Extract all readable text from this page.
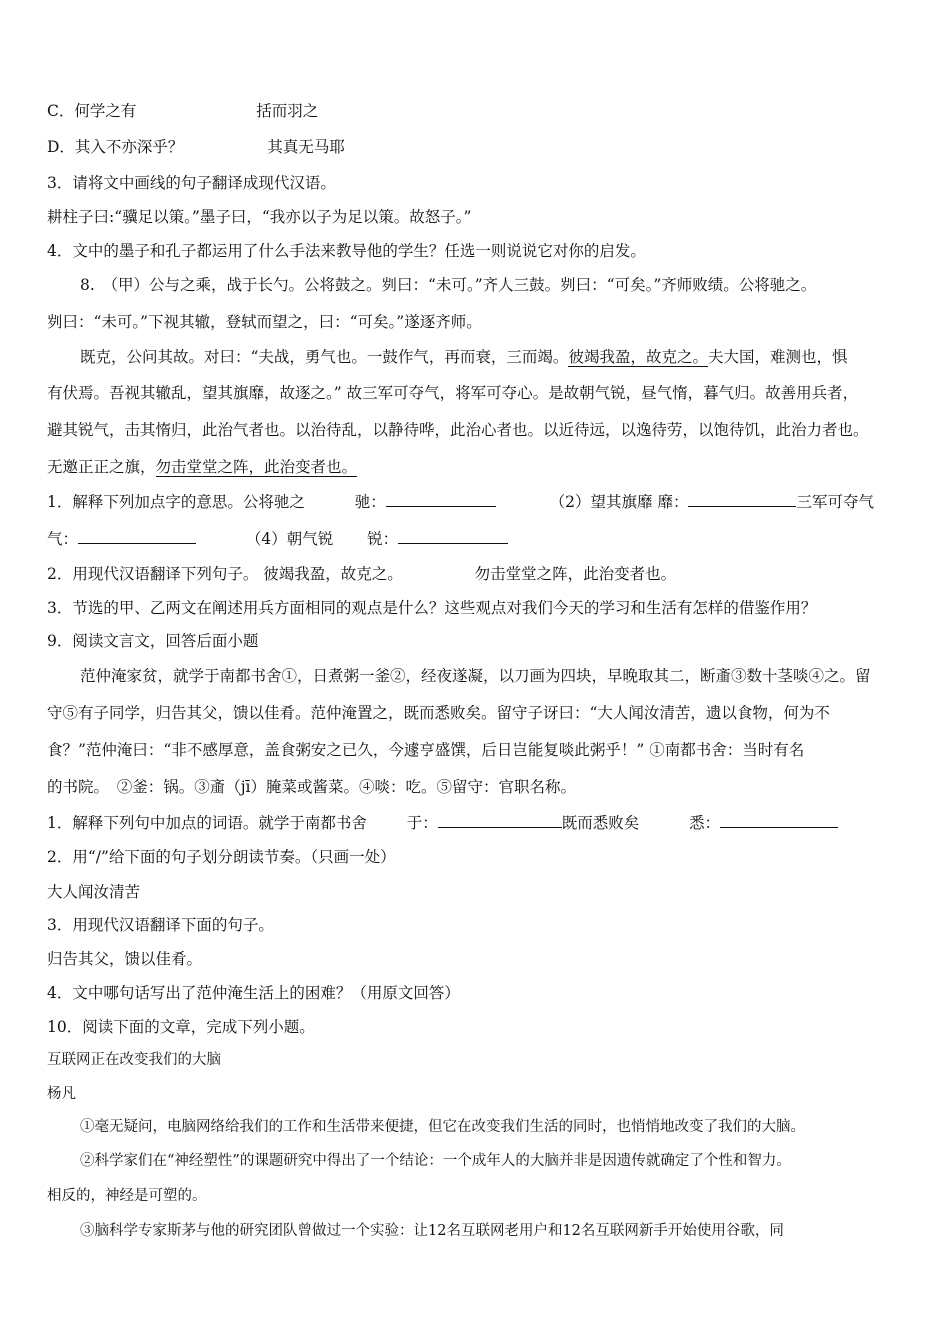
C．何学之有	括而羽之
D．其入不亦深乎？	其真无马耶
3．请将文中画线的句子翻译成现代汉语。
耕柱子曰:“骥足以策。”墨子曰，“我亦以子为足以策。故怒子。”
4．文中的墨子和孔子都运用了什么手法来教导他的学生？任选一则说说它对你的启发。
8.　（甲）公与之乘，战于长勺。公将鼓之。刿曰：“未可。”齐人三鼓。刿曰：“可矣。”齐师败绩。公将驰之。
刿曰：“未可。”下视其辙，登轼而望之，曰：“可矣。”遂逐齐师。
既克，公问其故。对曰：“夫战，勇气也。一鼓作气，再而衰，三而竭。彼竭我盈，故克之。夫大国，难测也，惧
有伏焉。吾视其辙乱，望其旗靡，故逐之。” 故三军可夺气，将军可夺心。是故朝气锐，昼气惰，暮气归。故善用兵者，
避其锐气，击其惰归，此治气者也。以治待乱，以静待哗，此治心者也。以近待远，以逸待劳，以饱待饥，此治力者也。
无邀正正之旗，勿击堂堂之阵，此治变者也。
1．解释下列加点字的意思。公将驰之	驰：	（2）望其旗靡 靡：	三军可夺气
气：	（4）朝气锐 锐：
2．用现代汉语翻译下列句子。 彼竭我盈，故克之。	勿击堂堂之阵，此治变者也。
3．节选的甲、乙两文在阐述用兵方面相同的观点是什么？这些观点对我们今天的学习和生活有怎样的借鉴作用？
9．阅读文言文，回答后面小题
范仲淹家贫，就学于南都书舍①，日煮粥一釜②，经夜遂凝，以刀画为四块，早晚取其二，断齑③数十茎啖④之。留
守⑤有子同学，归告其父，馈以佳肴。范仲淹置之，既而悉败矣。留守子讶曰：“大人闻汝清苦，遗以食物，何为不
食？”范仲淹曰：“非不感厚意，盖食粥安之已久，今遽亨盛馔，后日岂能复啖此粥乎！” ①南都书舍：当时有名
的书院。　②釜：锅。③齑（jī）腌菜或酱菜。④啖：吃。⑤留守：官职名称。
1．解释下列句中加点的词语。就学于南都书舍	于：	既而悉败矣	悉：
2．用“/”给下面的句子划分朗读节奏。（只画一处）
大人闻汝清苦
3．用现代汉语翻译下面的句子。
归告其父，馈以佳肴。
4．文中哪句话写出了范仲淹生活上的困难？（用原文回答）
10．阅读下面的文章，完成下列小题。
互联网正在改变我们的大脑
杨凡
①毫无疑问，电脑网络给我们的工作和生活带来便捷，但它在改变我们生活的同时，也悄悄地改变了我们的大脑。
②科学家们在“神经塑性”的课题研究中得出了一个结论：一个成年人的大脑并非是因遗传就确定了个性和智力。
相反的，神经是可塑的。
③脑科学专家斯茅与他的研究团队曾做过一个实验：让12名互联网老用户和12名互联网新手开始使用谷歌，同
